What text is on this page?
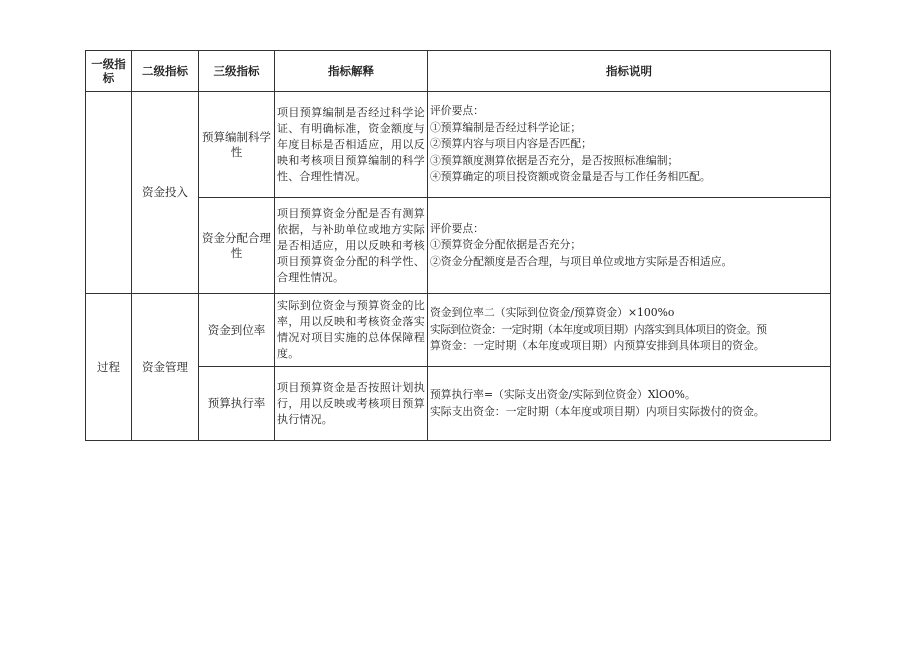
一级指标	二级指标	三级指标	指标解释	指标说明
	资金投入	预算编制科学性	项目预算编制是否经过科学论证、有明确标准，资金额度与年度目标是否相适应，用以反映和考核项目预算编制的科学性、合理性情况。	评价要点：
①预算编制是否经过科学论证；
②预算内容与项目内容是否匹配；
③预算额度测算依据是否充分，是否按照标准编制；
④预算确定的项目投资额或资金量是否与工作任务相匹配。

		资金分配合理性	项目预算资金分配是否有测算依据，与补助单位或地方实际是否相适应，用以反映和考核项目预算资金分配的科学性、合理性情况。	评价要点：
①预算资金分配依据是否充分；
②资金分配额度是否合理，与项目单位或地方实际是否相适应。

过程	资金管理	资金到位率	实际到位资金与预算资金的比率，用以反映和考核资金落实情况对项目实施的总体保障程度。	资金到位率二（实际到位资金/预算资金）×100%o
实际到位资金：一定时期（本年度或项目期）内落实到具体项目的资金。预
算资金：一定时期（本年度或项目期）内预算安排到具体项目的资金。

		预算执行率	项目预算资金是否按照计划执行，用以反映或考核项目预算执行情况。	预算执行率=（实际支出资金/实际到位资金）XlO0%。
实际支出资金：一定时期（本年度或项目期）内项目实际拨付的资金。
